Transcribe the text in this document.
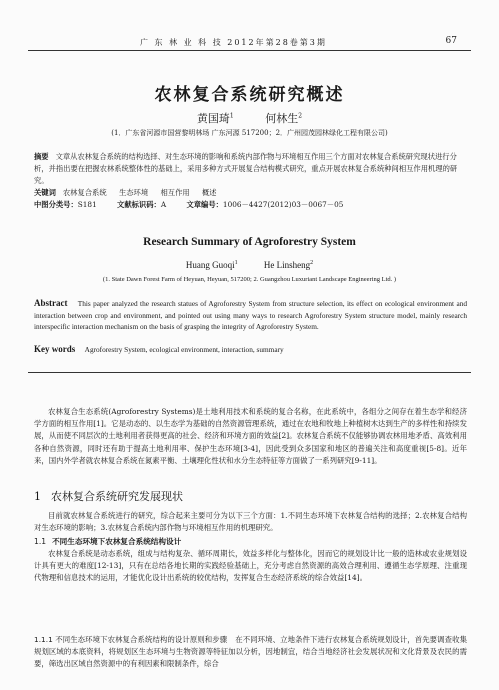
广 东 林 业 科 技 2012年第28卷第3期	67
农林复合系统研究概述
黄国琦$^1$	何林生$^2$
(1．广东省河源市国营黎明林场 广东河源 517200；2．广州园茂园林绿化工程有限公司)
摘要 文章从农林复合系统的结构选择、对生态环境的影响和系统内部作物与环境相互作用三个方面对农林复合系统研究现状进行分析，并指出要在把握农林系统整体性的基础上，采用多种方式开展复合结构模式研究，重点开展农林复合系统种间相互作用机理的研究。
关键词 农林复合系统 生态环境 相互作用 概述
中图分类号：S181	文献标识码：A	文章编号：1006－4427(2012)03－0067－05
Research Summary of Agroforestry System
Huang Guoqi$^1$	He Linsheng$^2$
(1. State Dawn Forest Farm of Heyuan, Heyuan, 517200; 2. Guangzhou Luxuriant Landscape Engineering Ltd. )
Abstract This paper analyzed the research statues of Agroforestry System from structure selection, its effect on ecological environment and interaction between crop and environment, and pointed out using many ways to research Agroforestry System structure model, mainly research interspecific interaction mechanism on the basis of grasping the integrity of Agroforestry System.
Key words Agroforestry System, ecological environment, interaction, summary
农林复合生态系统(Agroforestry Systems)是土地利用技术和系统的复合名称，在此系统中，各组分之间存在着生态学和经济学方面的相互作用[1]。它是动态的、以生态学为基础的自然资源管理系统，通过在农地和牧地上种植树木达到生产的多样性和持续发展，从而使不同层次的土地利用者获得更高的社会、经济和环境方面的效益[2]。农林复合系统不仅能够协调农林用地矛盾、高效利用各种自然资源，同时还有助于提高土地利用率、保护生态环境[3-4]，因此受到众多国家和地区的普遍关注和高度重视[5-8]。近年来，国内外学者就农林复合系统在氮素平衡、土壤理化性状和水分生态特征等方面做了一系列研究[9-11]。
1 农林复合系统研究发展现状
目前就农林复合系统进行的研究，综合起来主要可分为以下三个方面：1.不同生态环境下农林复合结构的选择；2.农林复合结构对生态环境的影响；3.农林复合系统内部作物与环境相互作用的机理研究。
1.1 不同生态环境下农林复合系统结构设计
农林复合系统是动态系统，组成与结构复杂、循环周期长，效益多样化与整体化，因而它的规划设计比一般的造林或农业规划设计具有更大的难度[12-13]，只有在总结各地长期的实践经验基础上，充分考虑自然资源的高效合理利用、遵循生态学原理、注重现代物理和信息技术的运用，才能优化设计出系统的较优结构，发挥复合生态经济系统的综合效益[14]。
1.1.1 不同生态环境下农林复合系统结构的设计原则和步骤 在不同环境、立地条件下进行农林复合系统规划设计，首先要调查收集规划区域的本底资料，将规划区生态环境与生物资源等特征加以分析，因地制宜，结合当地经济社会发展状况和文化背景及农民的需要，筛选出区域自然资源中的有利因素和限制条件，综合
